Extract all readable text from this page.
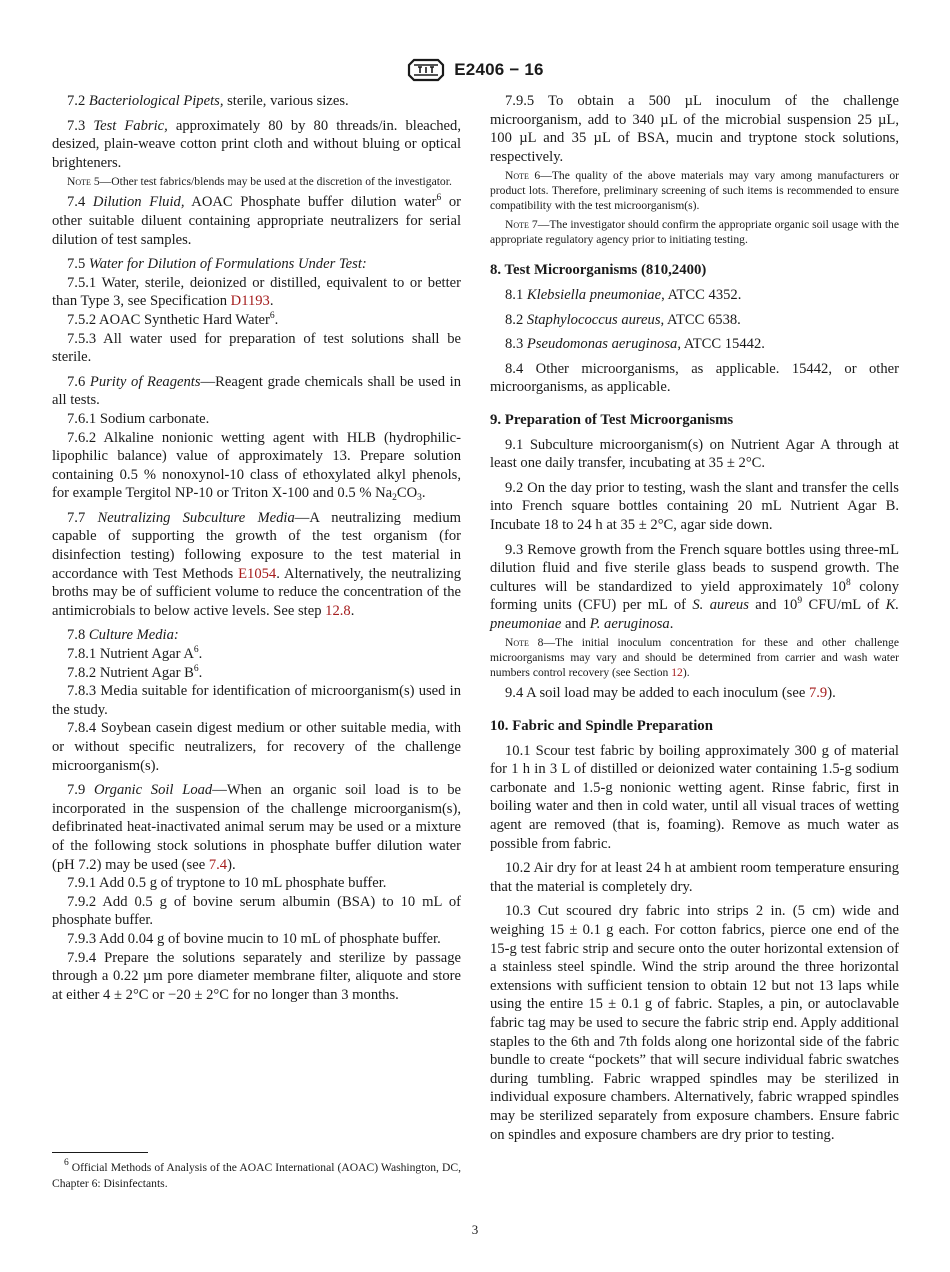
E2406 − 16

7.2 Bacteriological Pipets, sterile, various sizes.

7.3 Test Fabric, approximately 80 by 80 threads/in. bleached, desized, plain-weave cotton print cloth and without bluing or optical brighteners.

Note 5—Other test fabrics/blends may be used at the discretion of the investigator.

7.4 Dilution Fluid, AOAC Phosphate buffer dilution water$^6$ or other suitable diluent containing appropriate neutralizers for serial dilution of test samples.

7.5 Water for Dilution of Formulations Under Test:

7.5.1 Water, sterile, deionized or distilled, equivalent to or better than Type 3, see Specification D1193.

7.5.2 AOAC Synthetic Hard Water$^6$.

7.5.3 All water used for preparation of test solutions shall be sterile.

7.6 Purity of Reagents—Reagent grade chemicals shall be used in all tests.

7.6.1 Sodium carbonate.

7.6.2 Alkaline nonionic wetting agent with HLB (hydrophilic-lipophilic balance) value of approximately 13. Prepare solution containing 0.5 % nonoxynol-10 class of ethoxylated alkyl phenols, for example Tergitol NP-10 or Triton X-100 and 0.5 % $Na_2CO_3$.

7.7 Neutralizing Subculture Media—A neutralizing medium capable of supporting the growth of the test organism (for disinfection testing) following exposure to the test material in accordance with Test Methods E1054. Alternatively, the neutralizing broths may be of sufficient volume to reduce the concentration of the antimicrobials to below active levels. See step 12.8.

7.8 Culture Media:

7.8.1 Nutrient Agar $A^6$.

7.8.2 Nutrient Agar $B^6$.

7.8.3 Media suitable for identification of microorganism(s) used in the study.

7.8.4 Soybean casein digest medium or other suitable media, with or without specific neutralizers, for recovery of the challenge microorganism(s).

7.9 Organic Soil Load—When an organic soil load is to be incorporated in the suspension of the challenge microorganism(s), defibrinated heat-inactivated animal serum may be used or a mixture of the following stock solutions in phosphate buffer dilution water (pH 7.2) may be used (see 7.4).

7.9.1 Add 0.5 g of tryptone to 10 mL phosphate buffer.

7.9.2 Add 0.5 g of bovine serum albumin (BSA) to 10 mL of phosphate buffer.

7.9.3 Add 0.04 g of bovine mucin to 10 mL of phosphate buffer.

7.9.4 Prepare the solutions separately and sterilize by passage through a 0.22 µm pore diameter membrane filter, aliquote and store at either 4 ± 2°C or −20 ± 2°C for no longer than 3 months.

$^6$ Official Methods of Analysis of the AOAC International (AOAC) Washington, DC, Chapter 6: Disinfectants.

7.9.5 To obtain a 500 µL inoculum of the challenge microorganism, add to 340 µL of the microbial suspension 25 µL, 100 µL and 35 µL of BSA, mucin and tryptone stock solutions, respectively.

Note 6—The quality of the above materials may vary among manufacturers or product lots. Therefore, preliminary screening of such items is recommended to ensure compatibility with the test microorganism(s).

Note 7—The investigator should confirm the appropriate organic soil usage with the appropriate regulatory agency prior to initiating testing.

8. Test Microorganisms (810,2400)

8.1 Klebsiella pneumoniae, ATCC 4352.

8.2 Staphylococcus aureus, ATCC 6538.

8.3 Pseudomonas aeruginosa, ATCC 15442.

8.4 Other microorganisms, as applicable. 15442, or other microorganisms, as applicable.

9. Preparation of Test Microorganisms

9.1 Subculture microorganism(s) on Nutrient Agar A through at least one daily transfer, incubating at 35 ± 2°C.

9.2 On the day prior to testing, wash the slant and transfer the cells into French square bottles containing 20 mL Nutrient Agar B. Incubate 18 to 24 h at 35 ± 2°C, agar side down.

9.3 Remove growth from the French square bottles using three-mL dilution fluid and five sterile glass beads to suspend growth. The cultures will be standardized to yield approximately $10^8$ colony forming units (CFU) per mL of S. aureus and $10^9$ CFU/mL of K. pneumoniae and P. aeruginosa.

Note 8—The initial inoculum concentration for these and other challenge microorganisms may vary and should be determined from carrier and wash water numbers control recovery (see Section 12).

9.4 A soil load may be added to each inoculum (see 7.9).

10. Fabric and Spindle Preparation

10.1 Scour test fabric by boiling approximately 300 g of material for 1 h in 3 L of distilled or deionized water containing 1.5-g sodium carbonate and 1.5-g nonionic wetting agent. Rinse fabric, first in boiling water and then in cold water, until all visual traces of wetting agent are removed (that is, foaming). Remove as much water as possible from fabric.

10.2 Air dry for at least 24 h at ambient room temperature ensuring that the material is completely dry.

10.3 Cut scoured dry fabric into strips 2 in. (5 cm) wide and weighing 15 ± 0.1 g each. For cotton fabrics, pierce one end of the 15-g test fabric strip and secure onto the outer horizontal extension of a stainless steel spindle. Wind the strip around the three horizontal extensions with sufficient tension to obtain 12 but not 13 laps while using the entire 15 ± 0.1 g of fabric. Staples, a pin, or autoclavable fabric tag may be used to secure the fabric strip end. Apply additional staples to the 6th and 7th folds along one horizontal side of the fabric bundle to create “pockets” that will secure individual fabric swatches during tumbling. Fabric wrapped spindles may be sterilized in individual exposure chambers. Alternatively, fabric wrapped spindles may be sterilized separately from exposure chambers. Ensure fabric on spindles and exposure chambers are dry prior to testing.

3
